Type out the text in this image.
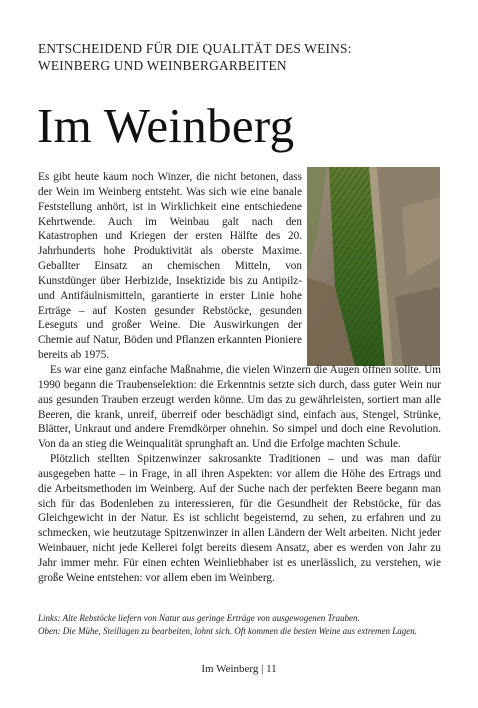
ENTSCHEIDEND FÜR DIE QUALITÄT DES WEINS:
WEINBERG UND WEINBERGARBEITEN
Im Weinberg

Es gibt heute kaum noch Winzer, die nicht betonen, dass der Wein im Weinberg entsteht. Was sich wie eine banale Feststellung anhört, ist in Wirklichkeit eine entschiedene Kehrtwende. Auch im Weinbau galt nach den Katastrophen und Kriegen der ersten Hälfte des 20. Jahrhunderts hohe Produktivität als oberste Maxime. Geballter Einsatz an chemischen Mitteln, von Kunstdünger über Herbizide, Insektizide bis zu Antipilz- und Antifäulnismitteln, garantierte in erster Linie hohe Erträge – auf Kosten gesunder Rebstöcke, gesunden Leseguts und großer Weine. Die Auswirkungen der Chemie auf Natur, Böden und Pflanzen erkannten Pioniere bereits ab 1975.

Es war eine ganz einfache Maßnahme, die vielen Winzern die Augen öffnen sollte. Um 1990 begann die Traubenselektion: die Erkenntnis setzte sich durch, dass guter Wein nur aus gesunden Trauben erzeugt werden könne. Um das zu gewährleisten, sortiert man alle Beeren, die krank, unreif, überreif oder beschädigt sind, einfach aus, Stengel, Strünke, Blätter, Unkraut und andere Fremdkörper ohnehin. So simpel und doch eine Revolution. Von da an stieg die Weinqualität sprunghaft an. Und die Erfolge machten Schule.

Plötzlich stellten Spitzenwinzer sakrosankte Traditionen – und was man dafür ausgegeben hatte – in Frage, in all ihren Aspekten: vor allem die Höhe des Ertrags und die Arbeitsmethoden im Weinberg. Auf der Suche nach der perfekten Beere begann man sich für das Bodenleben zu interessieren, für die Gesundheit der Rebstöcke, für das Gleichgewicht in der Natur. Es ist schlicht begeisternd, zu sehen, zu erfahren und zu schmecken, wie heutzutage Spitzenwinzer in allen Ländern der Welt arbeiten. Nicht jeder Weinbauer, nicht jede Kellerei folgt bereits diesem Ansatz, aber es werden von Jahr zu Jahr immer mehr. Für einen echten Weinliebhaber ist es unerlässlich, zu verstehen, wie große Weine entstehen: vor allem eben im Weinberg.

Links: Alte Rebstöcke liefern von Natur aus geringe Erträge von ausgewogenen Trauben.
Oben: Die Mühe, Steillagen zu bearbeiten, lohnt sich. Oft kommen die besten Weine aus extremen Lagen.
Im Weinberg | 11
